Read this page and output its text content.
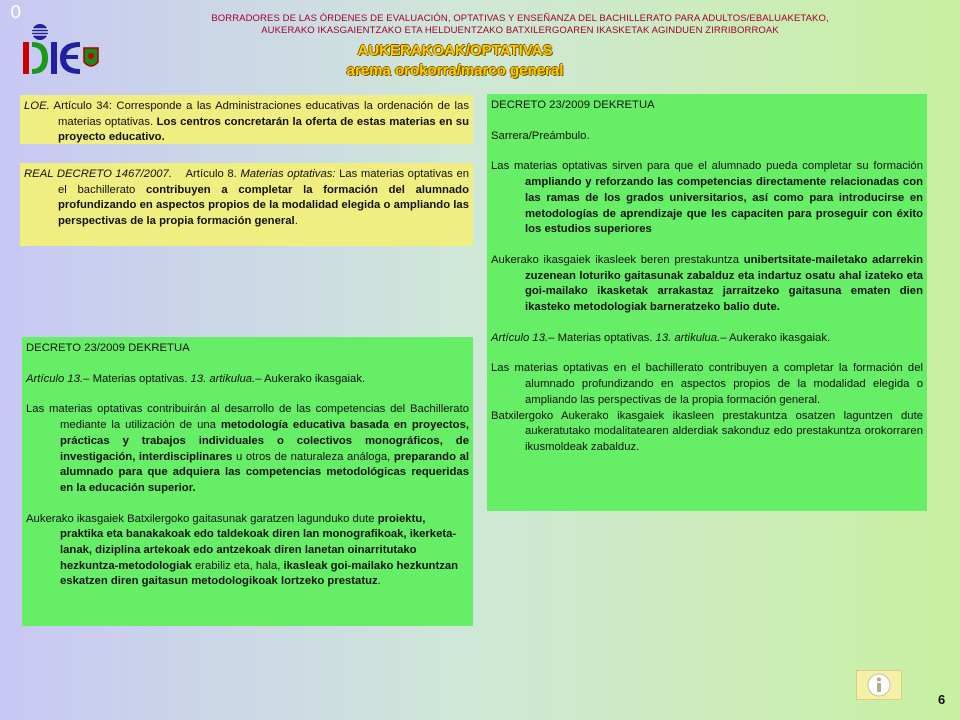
0	BORRADORES DE LAS ÓRDENES DE EVALUACIÓN, OPTATIVAS Y ENSEÑANZA DEL BACHILLERATO PARA ADULTOS/EBALUAKETAKO,
AUKERAKO IKASGAIENTZAKO ETA HELDUENTZAKO BATXILERGOAREN IKASKETAK AGINDUEN ZIRRIBORROAK
AUKERAKOAK/OPTATIVAS
arema orokorra/marco general

LOE. Artículo 34: Corresponde a las Administraciones educativas la ordenación de las materias optativas. Los centros concretarán la oferta de estas materias en su proyecto educativo.

REAL DECRETO 1467/2007.    Artículo 8. Materias optativas: Las materias optativas en el bachillerato contribuyen a completar la formación del alumnado profundizando en aspectos propios de la modalidad elegida o ampliando las perspectivas de la propia formación general.

DECRETO 23/2009 DEKRETUA

Artículo 13.– Materias optativas. 13. artikulua.– Aukerako ikasgaiak.

Las materias optativas contribuirán al desarrollo de las competencias del Bachillerato mediante la utilización de una metodología educativa basada en proyectos, prácticas y trabajos individuales o colectivos monográficos, de investigación, interdisciplinares u otros de naturaleza análoga, preparando al alumnado para que adquiera las competencias metodológicas requeridas en la educación superior.

Aukerako ikasgaiek Batxilergoko gaitasunak garatzen lagunduko dute proiektu, praktika eta banakakoak edo taldekoak diren lan monografikoak, ikerketa-lanak, diziplina artekoak edo antzekoak diren lanetan oinarritutako hezkuntza-metodologiak erabiliz eta, hala, ikasleak goi-mailako hezkuntzan eskatzen diren gaitasun metodologikoak lortzeko prestatuz.

DECRETO 23/2009 DEKRETUA

Sarrera/Preámbulo.

Las materias optativas sirven para que el alumnado pueda completar su formación ampliando y reforzando las competencias directamente relacionadas con las ramas de los grados universitarios, así como para introducirse en metodologías de aprendizaje que les capaciten para proseguir con éxito los estudios superiores

Aukerako ikasgaiek ikasleek beren prestakuntza unibertsitate-mailetako adarrekin zuzenean loturiko gaitasunak zabalduz eta indartuz osatu ahal izateko eta goi-mailako ikasketak arrakastaz jarraitzeko gaitasuna ematen dien ikasteko metodologiak barneratzeko balio dute.

Artículo 13.– Materias optativas. 13. artikulua.– Aukerako ikasgaiak.

Las materias optativas en el bachillerato contribuyen a completar la formación del alumnado profundizando en aspectos propios de la modalidad elegida o ampliando las perspectivas de la propia formación general.

Batxilergoko Aukerako ikasgaiek ikasleen prestakuntza osatzen laguntzen dute aukeratutako modalitatearen alderdiak sakonduz edo prestakuntza orokorraren ikusmoldeak zabalduz.

6
